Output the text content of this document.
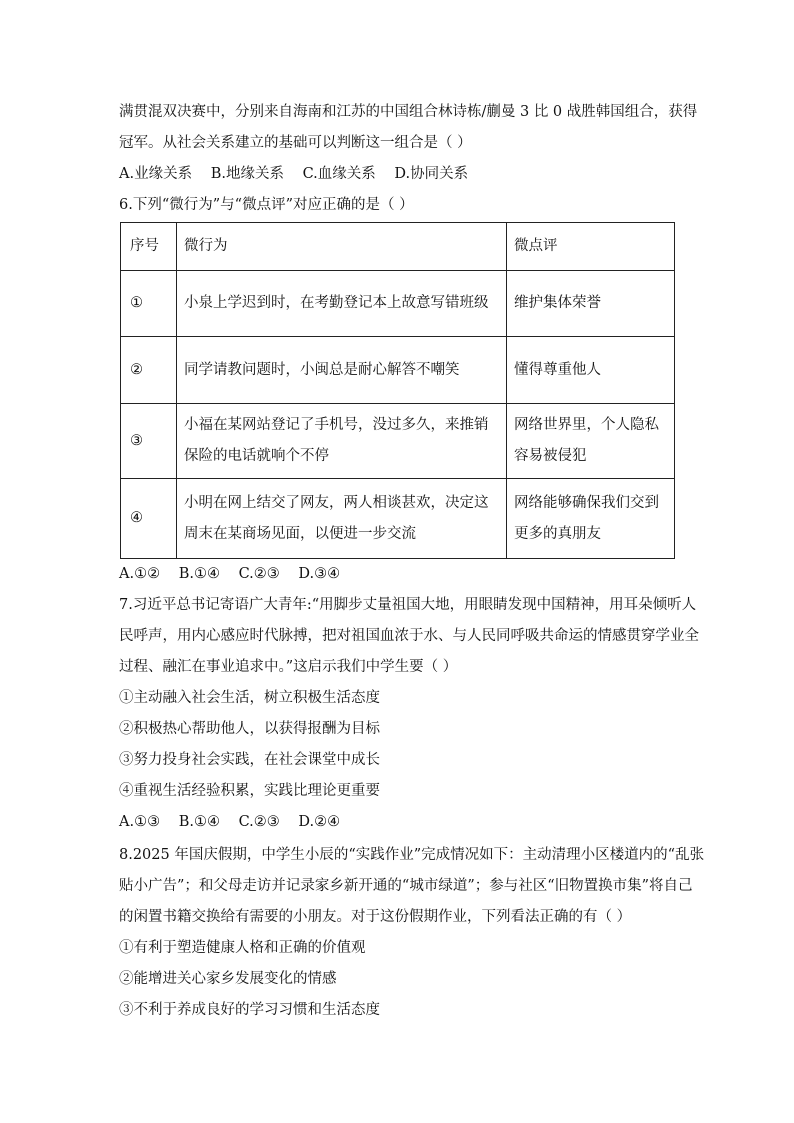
满贯混双决赛中，分别来自海南和江苏的中国组合林诗栋/蒯曼 3 比 0 战胜韩国组合，获得
冠军。从社会关系建立的基础可以判断这一组合是（ ）
A.业缘关系 B.地缘关系 C.血缘关系 D.协同关系
6.下列“微行为”与“微点评”对应正确的是（ ）
序号	微行为	微点评
①	小泉上学迟到时，在考勤登记本上故意写错班级	维护集体荣誉
②	同学请教问题时，小闽总是耐心解答不嘲笑	懂得尊重他人
③	小福在某网站登记了手机号，没过多久，来推销保险的电话就响个不停	网络世界里，个人隐私容易被侵犯
④	小明在网上结交了网友，两人相谈甚欢，决定这周末在某商场见面，以便进一步交流	网络能够确保我们交到更多的真朋友
A.①② B.①④ C.②③ D.③④
7.习近平总书记寄语广大青年:“用脚步丈量祖国大地，用眼睛发现中国精神，用耳朵倾听人
民呼声，用内心感应时代脉搏，把对祖国血浓于水、与人民同呼吸共命运的情感贯穿学业全
过程、融汇在事业追求中。”这启示我们中学生要（ ）
①主动融入社会生活，树立积极生活态度
②积极热心帮助他人，以获得报酬为目标
③努力投身社会实践，在社会课堂中成长
④重视生活经验积累，实践比理论更重要
A.①③ B.①④ C.②③ D.②④
8.2025 年国庆假期，中学生小辰的“实践作业”完成情况如下：主动清理小区楼道内的“乱张
贴小广告”；和父母走访并记录家乡新开通的“城市绿道”；参与社区“旧物置换市集”将自己
的闲置书籍交换给有需要的小朋友。对于这份假期作业，下列看法正确的有（ ）
①有利于塑造健康人格和正确的价值观
②能增进关心家乡发展变化的情感
③不利于养成良好的学习习惯和生活态度
